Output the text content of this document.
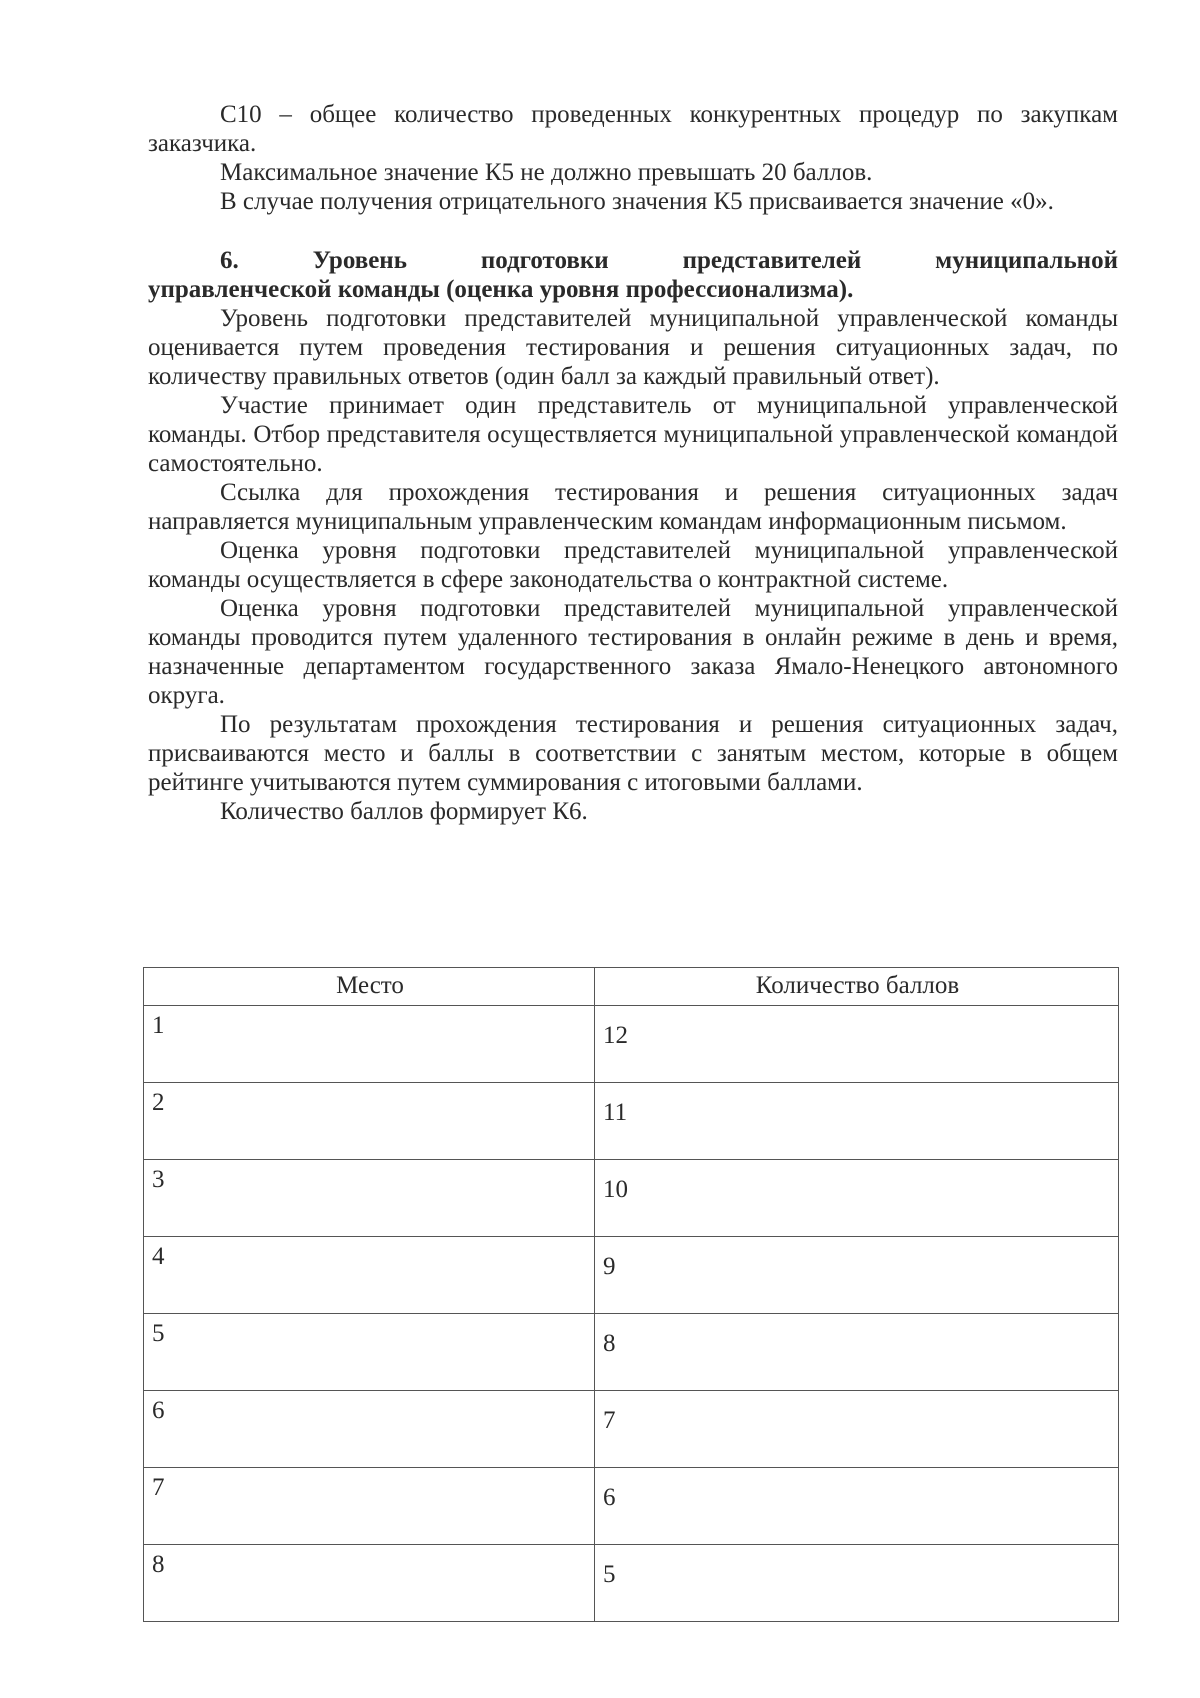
С10 – общее количество проведенных конкурентных процедур по закупкам заказчика.

Максимальное значение К5 не должно превышать 20 баллов.

В случае получения отрицательного значения К5 присваивается значение «0».

6. Уровень подготовки представителей муниципальной
управленческой команды (оценка уровня профессионализма).

Уровень подготовки представителей муниципальной управленческой команды оценивается путем проведения тестирования и решения ситуационных задач, по количеству правильных ответов (один балл за каждый правильный ответ).

Участие принимает один представитель от муниципальной управленческой команды. Отбор представителя осуществляется муниципальной управленческой командой самостоятельно.

Ссылка для прохождения тестирования и решения ситуационных задач направляется муниципальным управленческим командам информационным письмом.

Оценка уровня подготовки представителей муниципальной управленческой команды осуществляется в сфере законодательства о контрактной системе.

Оценка уровня подготовки представителей муниципальной управленческой команды проводится путем удаленного тестирования в онлайн режиме в день и время, назначенные департаментом государственного заказа Ямало-Ненецкого автономного округа.

По результатам прохождения тестирования и решения ситуационных задач, присваиваются место и баллы в соответствии с занятым местом, которые в общем рейтинге учитываются путем суммирования с итоговыми баллами.

Количество баллов формирует К6.

Место	Количество баллов
1	12
2	11
3	10
4	9
5	8
6	7
7	6
8	5
